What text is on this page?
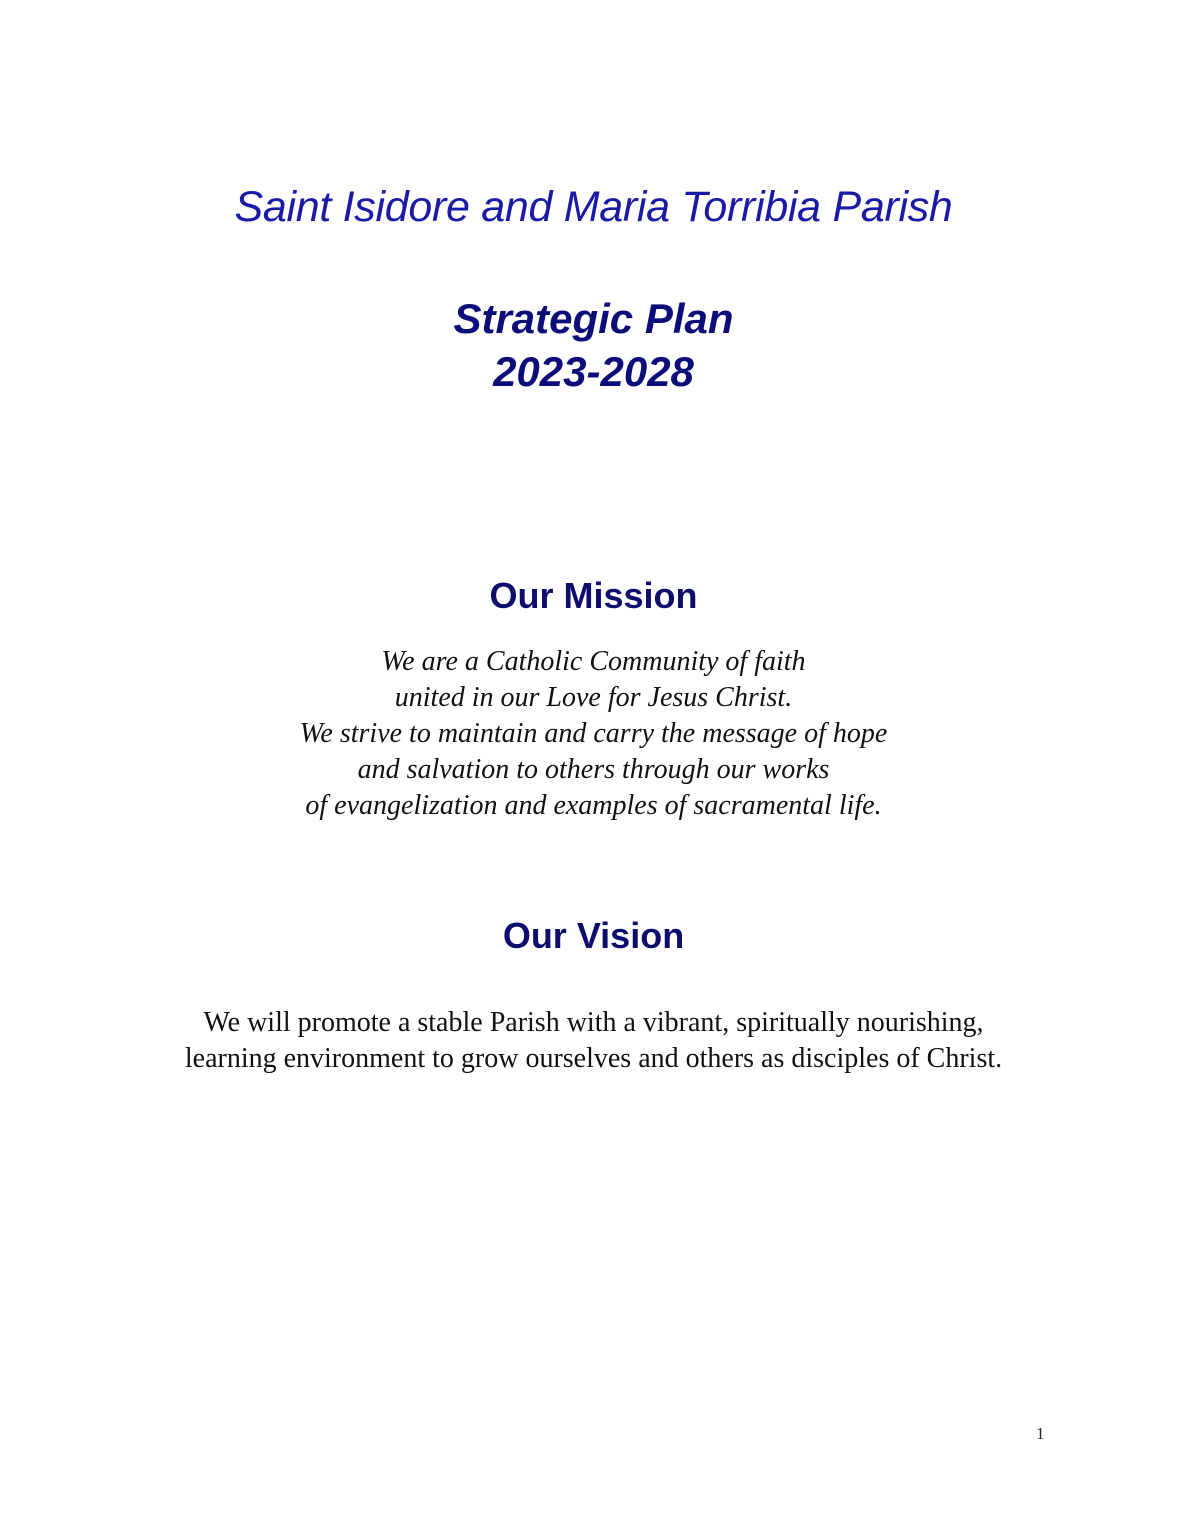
Saint Isidore and Maria Torribia Parish
Strategic Plan
2023-2028
Our Mission
We are a Catholic Community of faith
united in our Love for Jesus Christ.
We strive to maintain and carry the message of hope
and salvation to others through our works
of evangelization and examples of sacramental life.
Our Vision
We will promote a stable Parish with a vibrant, spiritually nourishing,
learning environment to grow ourselves and others as disciples of Christ.
1
